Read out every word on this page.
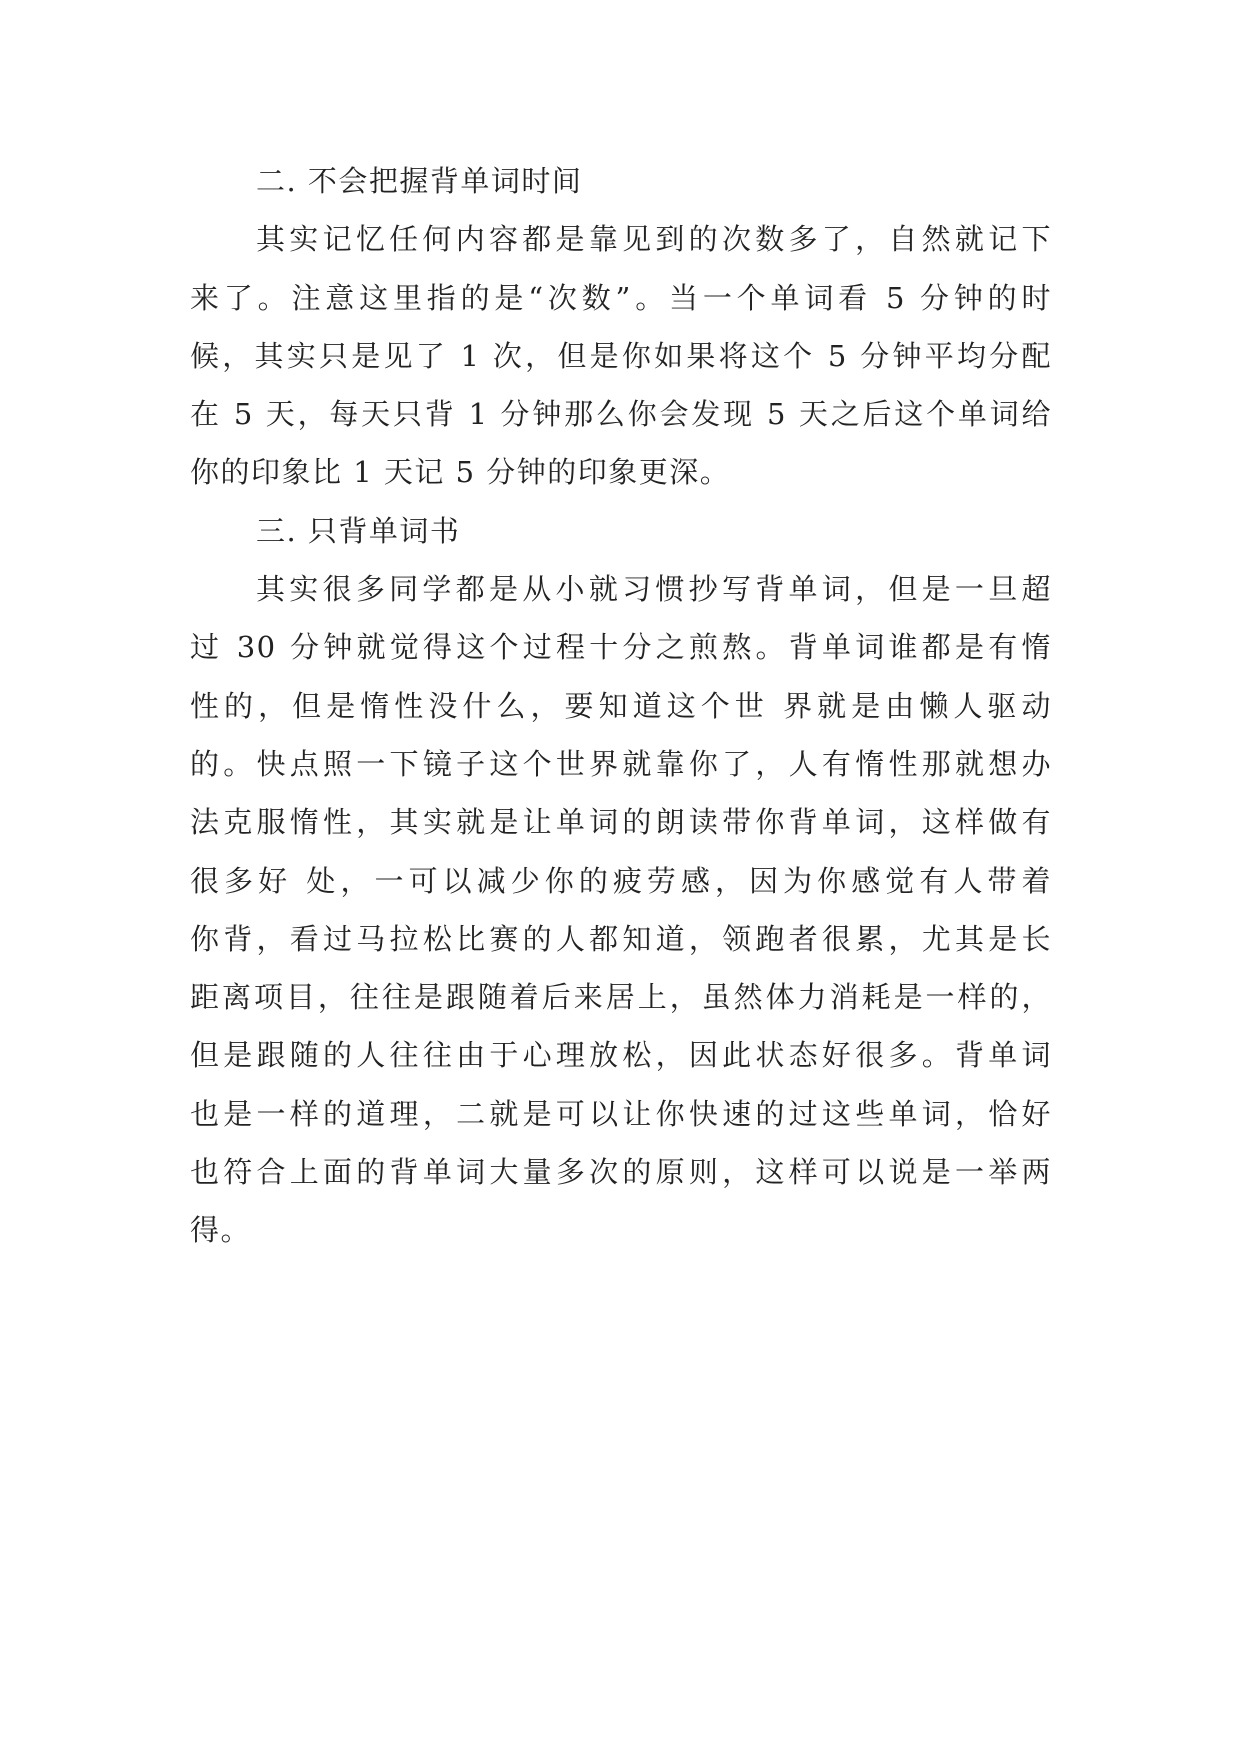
二. 不会把握背单词时间
其实记忆任何内容都是靠见到的次数多了，自然就记下
来了。注意这里指的是“次数”。当一个单词看 5 分钟的时
候，其实只是见了 1 次，但是你如果将这个 5 分钟平均分配
在 5 天，每天只背 1 分钟那么你会发现 5 天之后这个单词给
你的印象比 1 天记 5 分钟的印象更深。
三. 只背单词书
其实很多同学都是从小就习惯抄写背单词，但是一旦超
过 30 分钟就觉得这个过程十分之煎熬。背单词谁都是有惰
性的，但是惰性没什么，要知道这个世 界就是由懒人驱动
的。快点照一下镜子这个世界就靠你了，人有惰性那就想办
法克服惰性，其实就是让单词的朗读带你背单词，这样做有
很多好 处，一可以减少你的疲劳感，因为你感觉有人带着
你背，看过马拉松比赛的人都知道，领跑者很累，尤其是长
距离项目，往往是跟随着后来居上，虽然体力消耗是一样的，
但是跟随的人往往由于心理放松，因此状态好很多。背单词
也是一样的道理，二就是可以让你快速的过这些单词，恰好
也符合上面的背单词大量多次的原则，这样可以说是一举两
得。
